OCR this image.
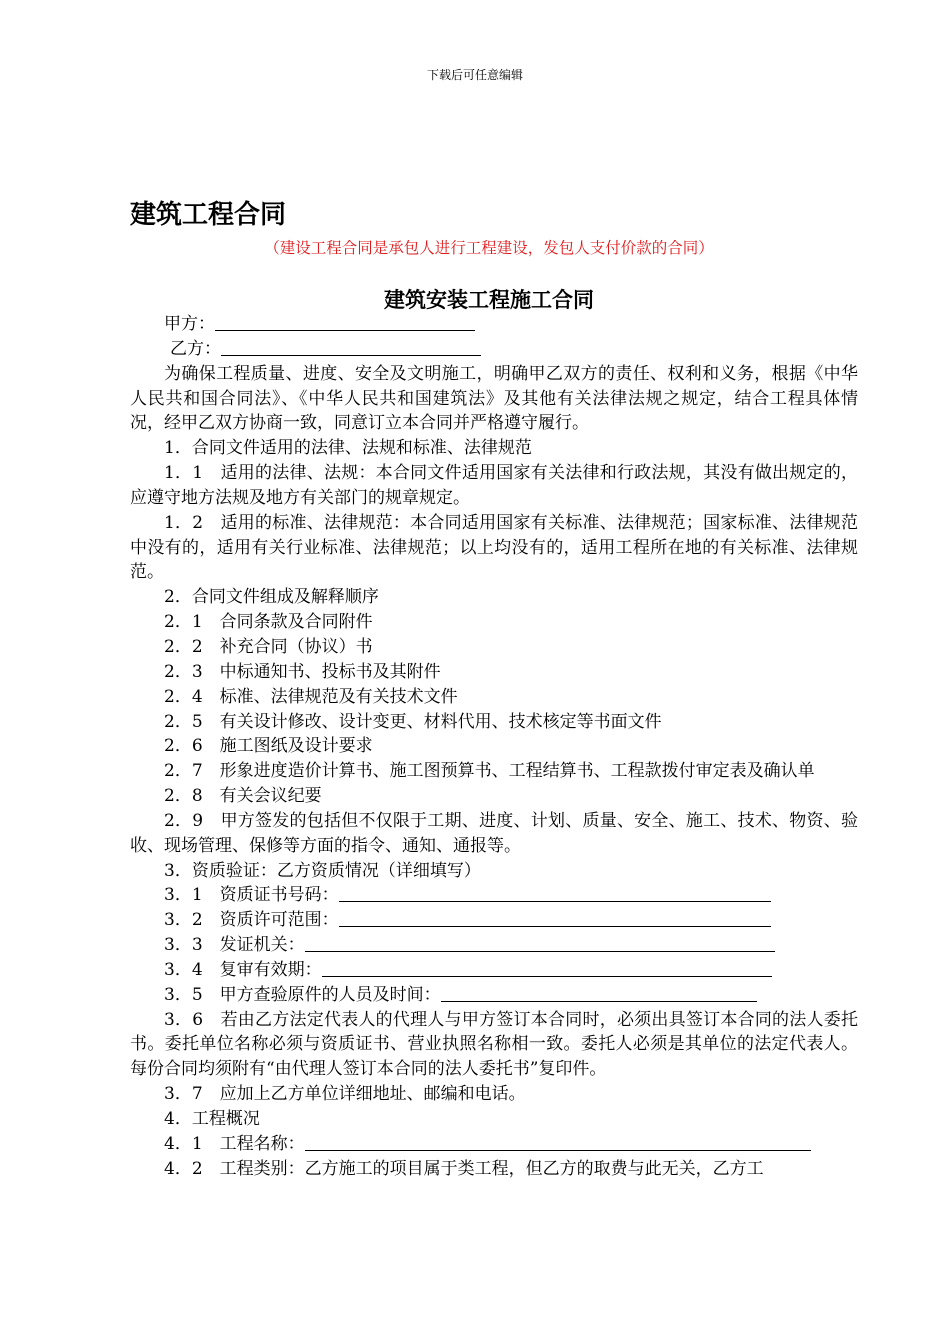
下载后可任意编辑
建筑工程合同
（建设工程合同是承包人进行工程建设，发包人支付价款的合同）
建筑安装工程施工合同

甲方：

乙方：

为确保工程质量、进度、安全及文明施工，明确甲乙双方的责任、权利和义务，根据《中华人民共和国合同法》、《中华人民共和国建筑法》及其他有关法律法规之规定，结合工程具体情况，经甲乙双方协商一致，同意订立本合同并严格遵守履行。

1．合同文件适用的法律、法规和标准、法律规范

1．1　适用的法律、法规：本合同文件适用国家有关法律和行政法规，其没有做出规定的，应遵守地方法规及地方有关部门的规章规定。

1．2　适用的标准、法律规范：本合同适用国家有关标准、法律规范；国家标准、法律规范中没有的，适用有关行业标准、法律规范；以上均没有的，适用工程所在地的有关标准、法律规范。

2．合同文件组成及解释顺序

2．1　合同条款及合同附件

2．2　补充合同（协议）书

2．3　中标通知书、投标书及其附件

2．4　标准、法律规范及有关技术文件

2．5　有关设计修改、设计变更、材料代用、技术核定等书面文件

2．6　施工图纸及设计要求

2．7　形象进度造价计算书、施工图预算书、工程结算书、工程款拨付审定表及确认单

2．8　有关会议纪要

2．9　甲方签发的包括但不仅限于工期、进度、计划、质量、安全、施工、技术、物资、验收、现场管理、保修等方面的指令、通知、通报等。

3．资质验证：乙方资质情况（详细填写）

3．1　资质证书号码：

3．2　资质许可范围：

3．3　发证机关：

3．4　复审有效期：

3．5　甲方查验原件的人员及时间：

3．6　若由乙方法定代表人的代理人与甲方签订本合同时，必须出具签订本合同的法人委托书。委托单位名称必须与资质证书、营业执照名称相一致。委托人必须是其单位的法定代表人。每份合同均须附有“由代理人签订本合同的法人委托书”复印件。

3．7　应加上乙方单位详细地址、邮编和电话。

4．工程概况

4．1　工程名称：

4．2　工程类别：乙方施工的项目属于类工程，但乙方的取费与此无关，乙方工
